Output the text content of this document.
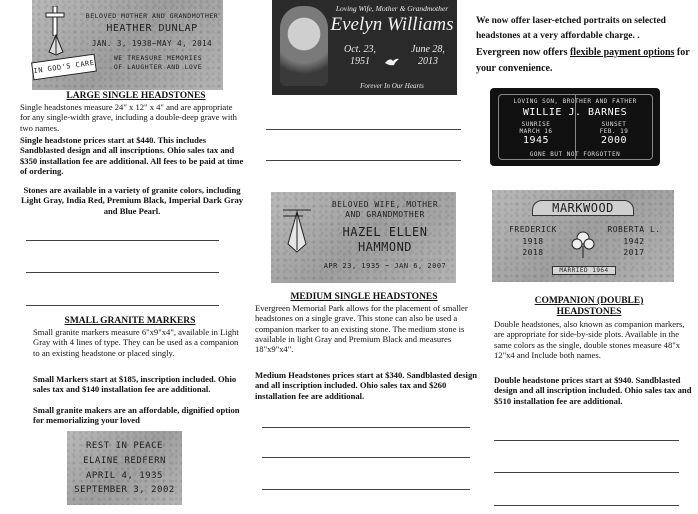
IN GOD'S CARE
BELOVED MOTHER AND GRANDMOTHER
HEATHER DUNLAP
JAN. 3, 1938~MAY 4, 2014
WE TREASURE MEMORIES
OF LAUGHTER AND LOVE
LARGE SINGLE HEADSTONES
Single headstones measure 24" x 12" x 4" and are appropriate for any single-width grave, including a double-deep grave with two names.
Single headstone prices start at $440. This includes Sandblasted design and all inscriptions. Ohio sales tax and $350 installation fee are additional. All fees to be paid at time of ordering.
Stones are available in a variety of granite colors, including Light Gray, India Red, Premium Black, Imperial Dark Gray and Blue Pearl.
SMALL GRANITE MARKERS
Small granite markers measure 6"x9"x4", available in Light Gray with 4 lines of type. They can be used as a companion to an existing headstone or placed singly.
Small Markers start at $185, inscription included. Ohio sales tax and $140 installation fee are additional.
Small granite makers are an affordable, dignified option for memorializing your loved
REST IN PEACE
ELAINE REDFERN
APRIL 4, 1935
SEPTEMBER 3, 2002
Loving Wife, Mother & Grandmother
Evelyn Williams
Oct. 23, 1951
June 28, 2013
Forever In Our Hearts
BELOVED WIFE, MOTHER
AND GRANDMOTHER
HAZEL ELLEN
HAMMOND
APR 23, 1935 ~ JAN 6, 2007
MEDIUM SINGLE HEADSTONES
Evergreen Memorial Park allows for the placement of smaller headstones on a single grave. This stone can also be used a companion marker to an existing stone. The medium stone is available in light Gray and Premium Black and measures 18"x9"x4".
Medium Headstones prices start at $340. Sandblasted design and all inscription included. Ohio sales tax and $260 installation fee are additional.
We now offer laser-etched portraits on selected headstones at a very affordable charge. .
Evergreen now offers flexible payment options for your convenience.
LOVING SON, BROTHER AND FATHER
WILLIE J. BARNES
SUNRISE
MARCH 16
1945
SUNSET
FEB. 19
2000
GONE BUT NOT FORGOTTEN
MARKWOOD
FREDERICK
1918
2018
ROBERTA L.
1942
2017
MARRIED 1964
COMPANION (DOUBLE) HEADSTONES
Double headstones, also known as companion markers, are appropriate for side-by-side plots. Available in the same colors as the single, double stones measure 48"x 12"x4 and Include both names.
Double headstone prices start at $940. Sandblasted design and all inscription included. Ohio sales tax and $510 installation fee are additional.
